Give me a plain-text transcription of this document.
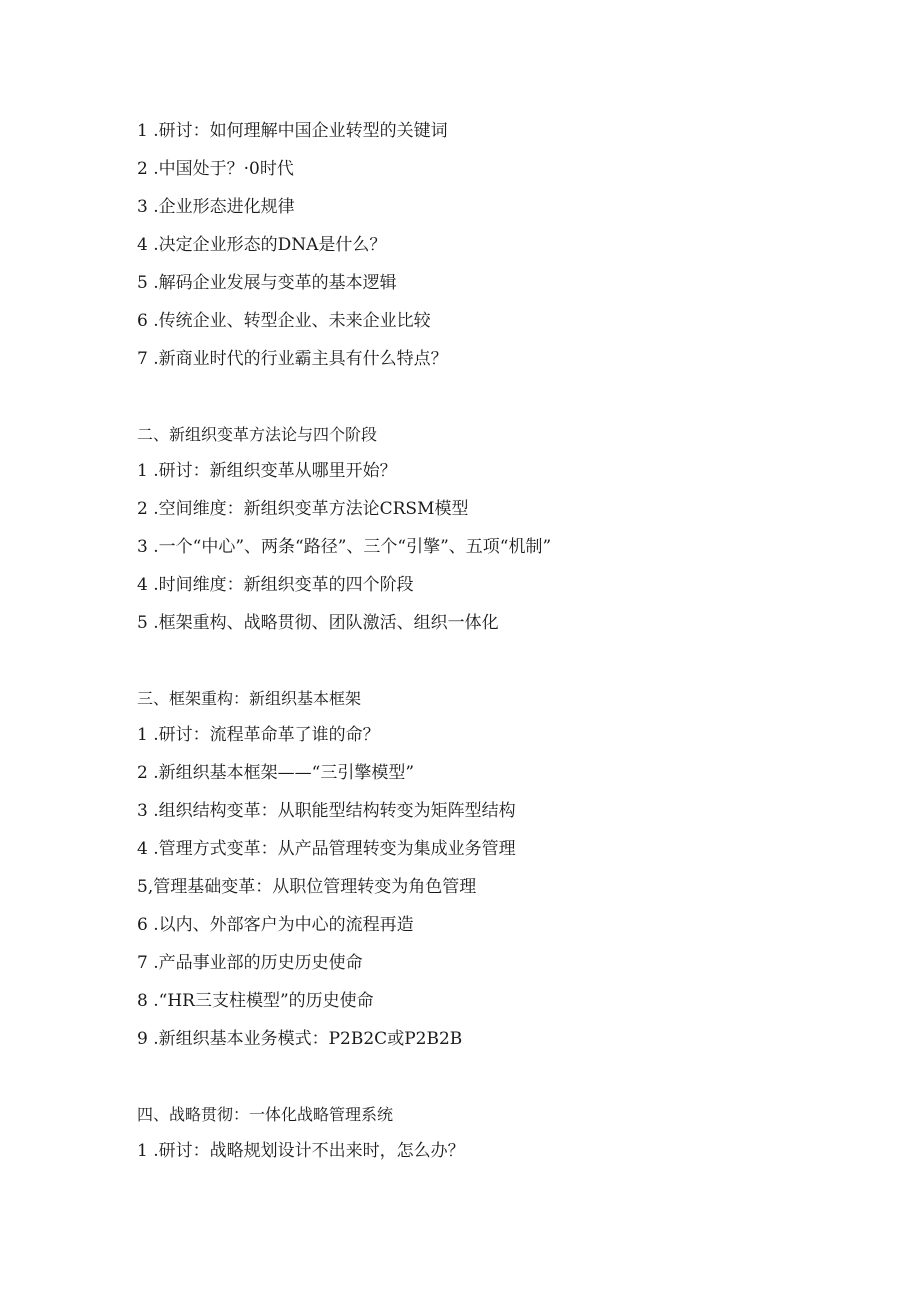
1 .研讨：如何理解中国企业转型的关键词
2 .中国处于？·0时代
3 .企业形态进化规律
4 .决定企业形态的DNA是什么？
5 .解码企业发展与变革的基本逻辑
6 .传统企业、转型企业、未来企业比较
7 .新商业时代的行业霸主具有什么特点？
二、新组织变革方法论与四个阶段
1 .研讨：新组织变革从哪里开始？
2 .空间维度：新组织变革方法论CRSM模型
3 .一个“中心”、两条“路径”、三个“引擎”、五项“机制”
4 .时间维度：新组织变革的四个阶段
5 .框架重构、战略贯彻、团队激活、组织一体化
三、框架重构：新组织基本框架
1 .研讨：流程革命革了谁的命？
2 .新组织基本框架——“三引擎模型”
3 .组织结构变革：从职能型结构转变为矩阵型结构
4 .管理方式变革：从产品管理转变为集成业务管理
5,管理基础变革：从职位管理转变为角色管理
6 .以内、外部客户为中心的流程再造
7 .产品事业部的历史历史使命
8 .“HR三支柱模型”的历史使命
9 .新组织基本业务模式：P2B2C或P2B2B
四、战略贯彻：一体化战略管理系统
1 .研讨：战略规划设计不出来时，怎么办？
